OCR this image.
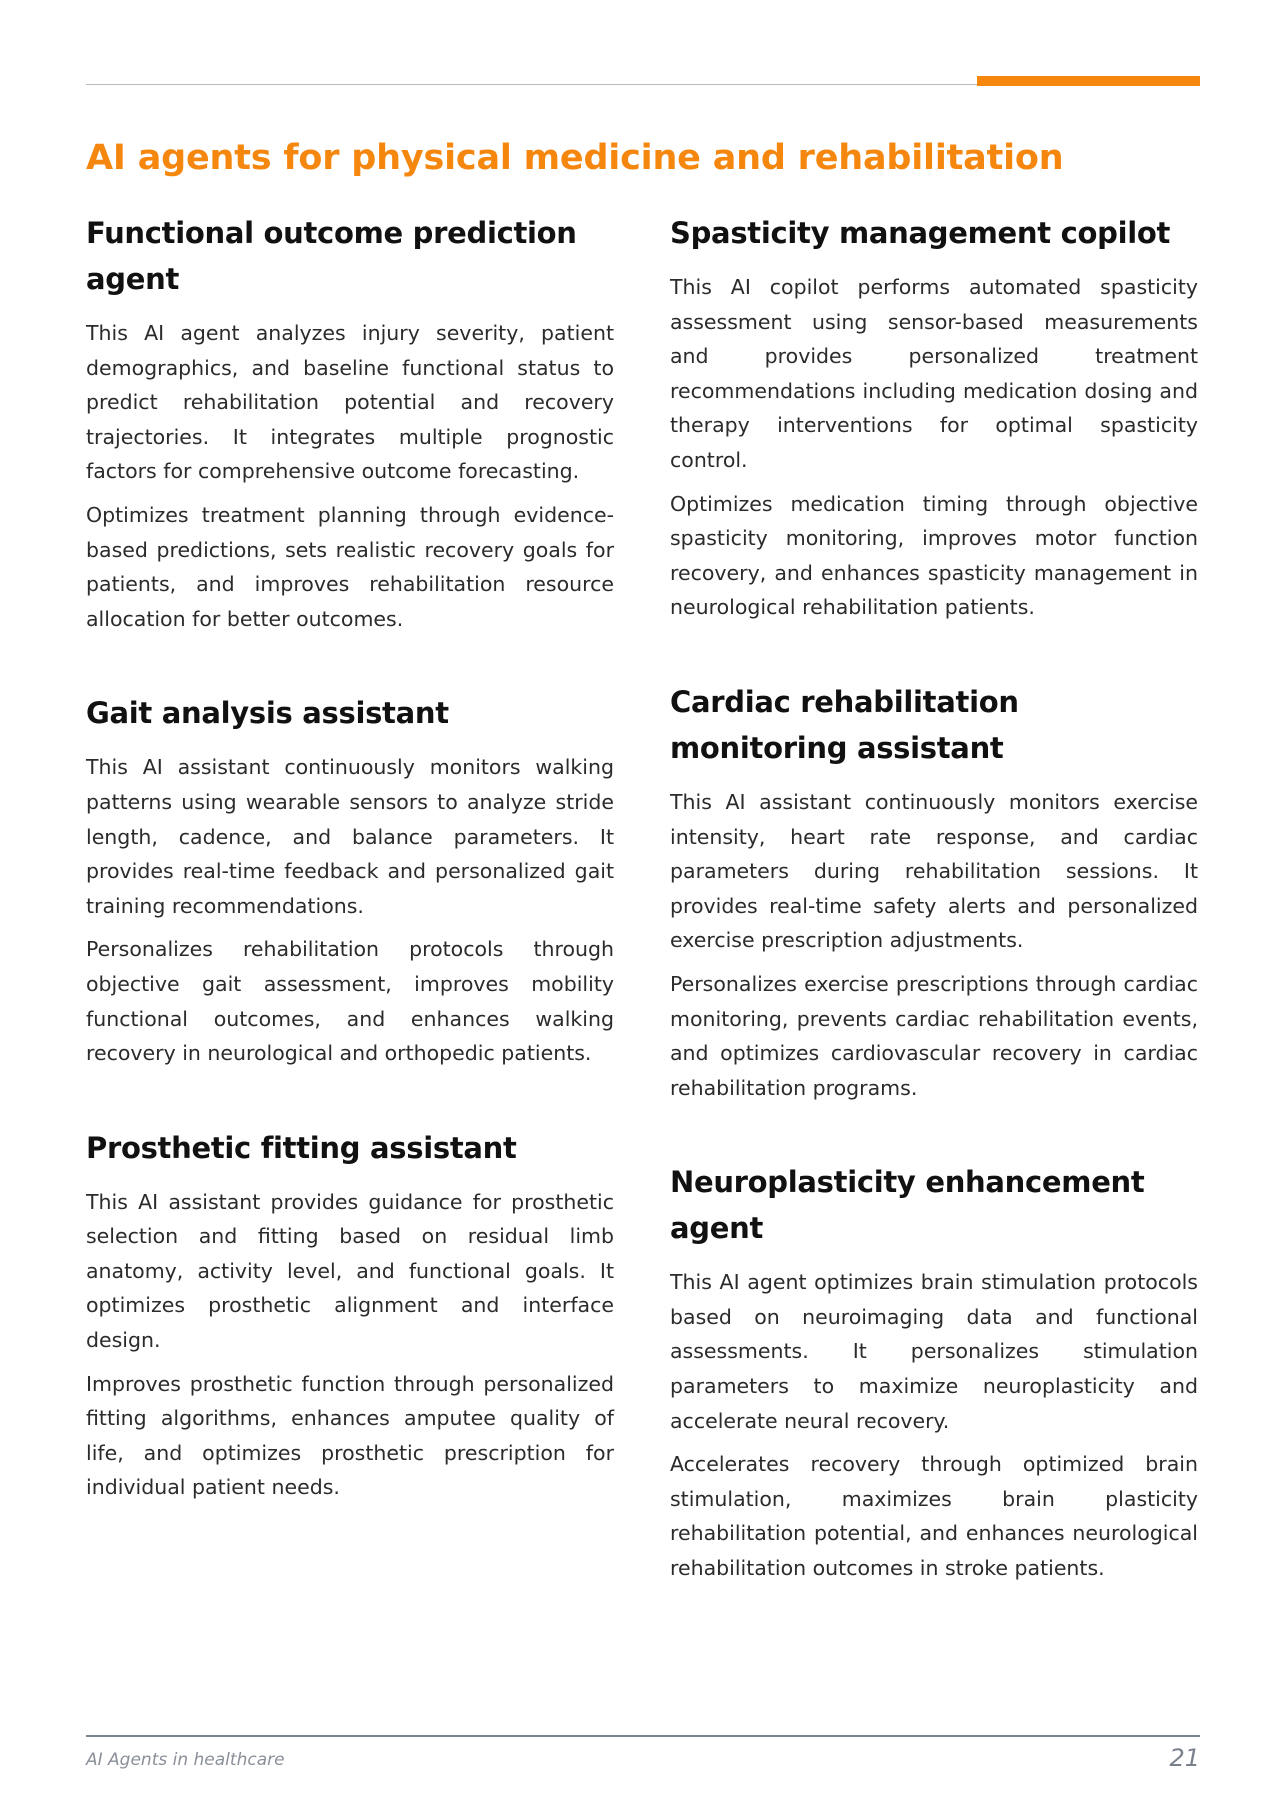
AI agents for physical medicine and rehabilitation
Functional outcome prediction agent

This AI agent analyzes injury severity, patient demographics, and baseline functional status to predict rehabilitation potential and recovery trajectories. It integrates multiple prognostic factors for comprehensive outcome forecasting.

Optimizes treatment planning through evidence-based predictions, sets realistic recovery goals for patients, and improves rehabilitation resource allocation for better outcomes.

Gait analysis assistant

This AI assistant continuously monitors walking patterns using wearable sensors to analyze stride length, cadence, and balance parameters. It provides real-time feedback and personalized gait training recommendations.

Personalizes rehabilitation protocols through objective gait assessment, improves mobility functional outcomes, and enhances walking recovery in neurological and orthopedic patients.

Prosthetic fitting assistant

This AI assistant provides guidance for prosthetic selection and fitting based on residual limb anatomy, activity level, and functional goals. It optimizes prosthetic alignment and interface design.

Improves prosthetic function through personalized fitting algorithms, enhances amputee quality of life, and optimizes prosthetic prescription for individual patient needs.

Spasticity management copilot

This AI copilot performs automated spasticity assessment using sensor-based measurements and provides personalized treatment recommendations including medication dosing and therapy interventions for optimal spasticity control.

Optimizes medication timing through objective spasticity monitoring, improves motor function recovery, and enhances spasticity management in neurological rehabilitation patients.

Cardiac rehabilitation monitoring assistant

This AI assistant continuously monitors exercise intensity, heart rate response, and cardiac parameters during rehabilitation sessions. It provides real-time safety alerts and personalized exercise prescription adjustments.

Personalizes exercise prescriptions through cardiac monitoring, prevents cardiac rehabilitation events, and optimizes cardiovascular recovery in cardiac rehabilitation programs.

Neuroplasticity enhancement agent

This AI agent optimizes brain stimulation protocols based on neuroimaging data and functional assessments. It personalizes stimulation parameters to maximize neuroplasticity and accelerate neural recovery.

Accelerates recovery through optimized brain stimulation, maximizes brain plasticity rehabilitation potential, and enhances neurological rehabilitation outcomes in stroke patients.

AI Agents in healthcare	21
